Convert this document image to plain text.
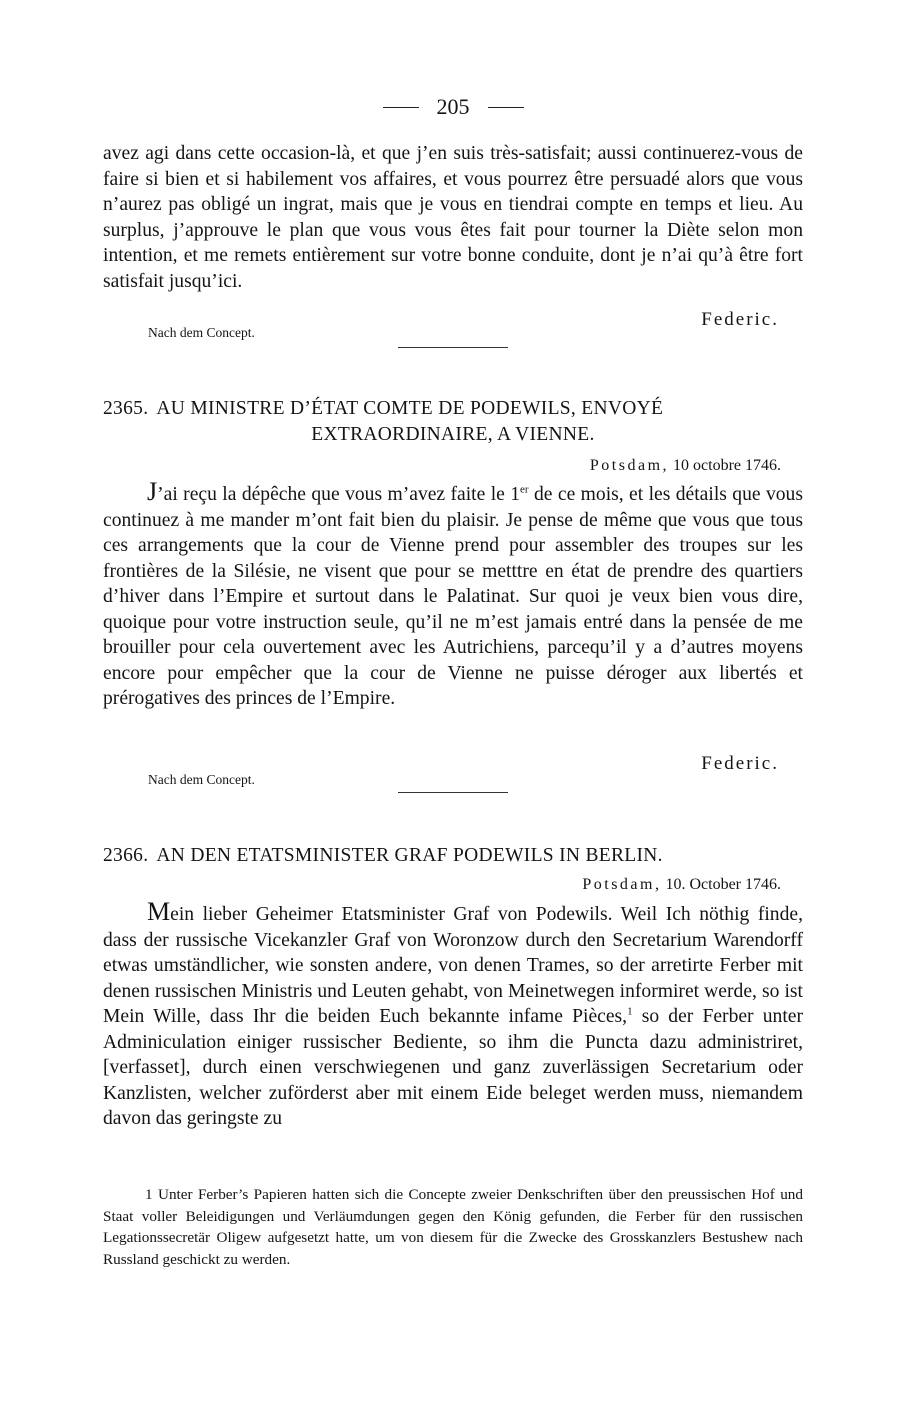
205

avez agi dans cette occasion-là, et que j’en suis très-satisfait; aussi continuerez-vous de faire si bien et si habilement vos affaires, et vous pourrez être persuadé alors que vous n’aurez pas obligé un ingrat, mais que je vous en tiendrai compte en temps et lieu. Au surplus, j’approuve le plan que vous vous êtes fait pour tourner la Diète selon mon intention, et me remets entièrement sur votre bonne conduite, dont je n’ai qu’à être fort satisfait jusqu’ici.

Federic.
Nach dem Concept.
2365. AU MINISTRE D’ÉTAT COMTE DE PODEWILS, ENVOYÉ
EXTRAORDINAIRE, A VIENNE.
Potsdam, 10 octobre 1746.

J’ai reçu la dépêche que vous m’avez faite le 1er de ce mois, et les détails que vous continuez à me mander m’ont fait bien du plaisir. Je pense de même que vous que tous ces arrangements que la cour de Vienne prend pour assembler des troupes sur les frontières de la Silésie, ne visent que pour se metttre en état de prendre des quartiers d’hiver dans l’Empire et surtout dans le Palatinat. Sur quoi je veux bien vous dire, quoique pour votre instruction seule, qu’il ne m’est jamais entré dans la pensée de me brouiller pour cela ouvertement avec les Autrichiens, parcequ’il y a d’autres moyens encore pour empêcher que la cour de Vienne ne puisse déroger aux libertés et prérogatives des princes de l’Empire.

Federic.
Nach dem Concept.
2366. AN DEN ETATSMINISTER GRAF PODEWILS IN BERLIN.
Potsdam, 10. October 1746.

Mein lieber Geheimer Etatsminister Graf von Podewils. Weil Ich nöthig finde, dass der russische Vicekanzler Graf von Woronzow durch den Secretarium Warendorff etwas umständlicher, wie sonsten andere, von denen Trames, so der arretirte Ferber mit denen russischen Ministris und Leuten gehabt, von Meinetwegen informiret werde, so ist Mein Wille, dass Ihr die beiden Euch bekannte infame Pièces,$^1$ so der Ferber unter Adminiculation einiger russischer Bediente, so ihm die Puncta dazu administriret, [verfasset], durch einen verschwiegenen und ganz zuverlässigen Secretarium oder Kanzlisten, welcher zuförderst aber mit einem Eide beleget werden muss, niemandem davon das geringste zu

1 Unter Ferber’s Papieren hatten sich die Concepte zweier Denkschriften über den preussischen Hof und Staat voller Beleidigungen und Verläumdungen gegen den König gefunden, die Ferber für den russischen Legationssecretär Oligew aufgesetzt hatte, um von diesem für die Zwecke des Grosskanzlers Bestushew nach Russland geschickt zu werden.
